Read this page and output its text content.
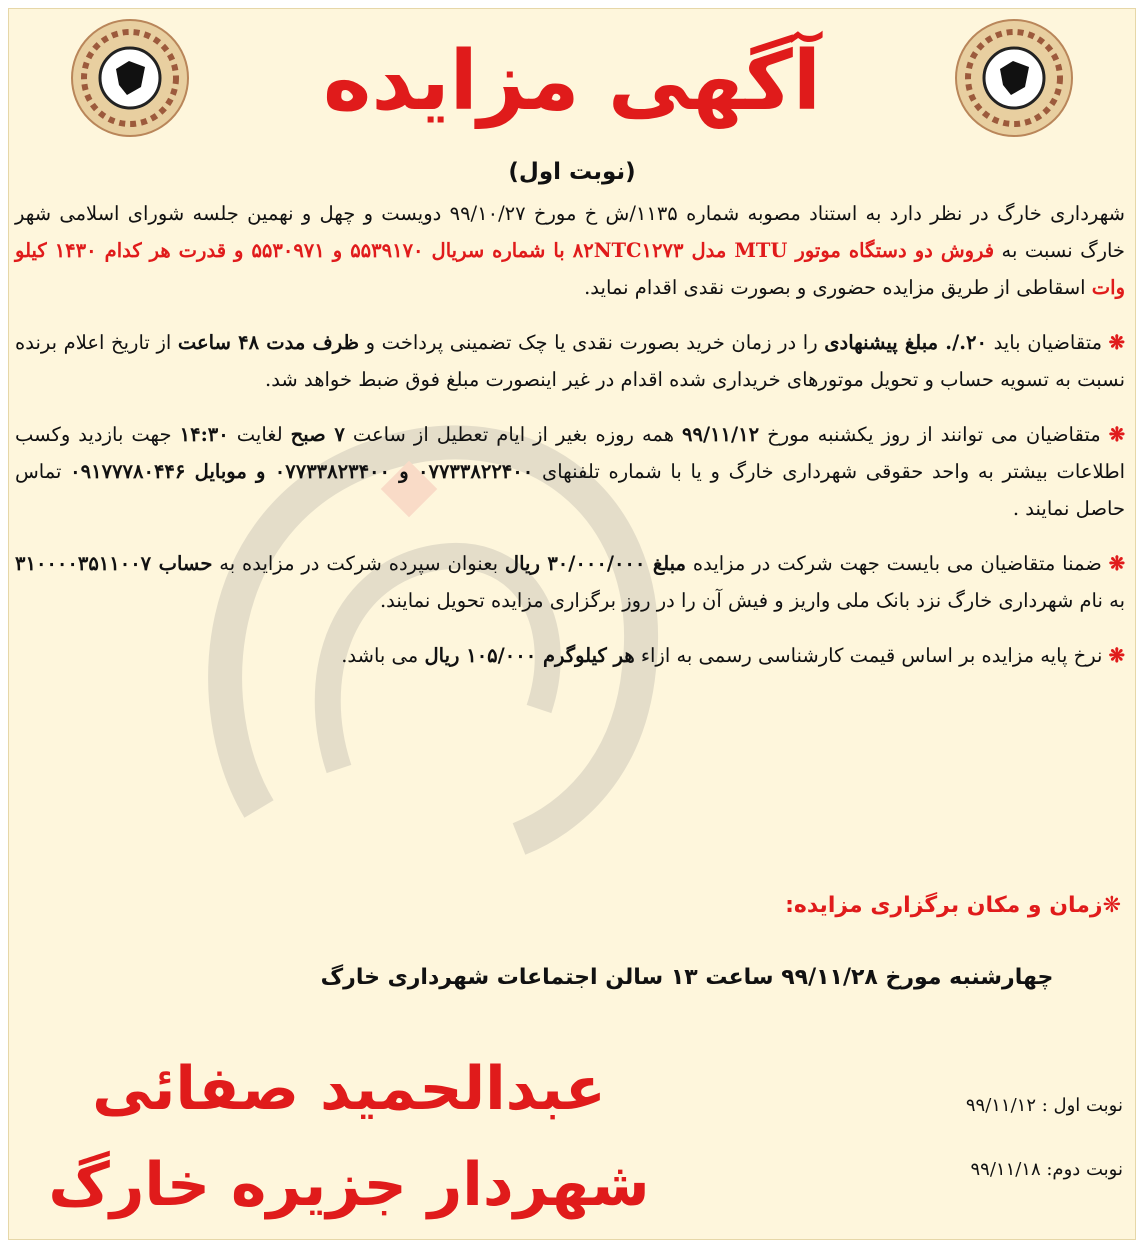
آگهی مزایده
(نوبت اول)

شهرداری خارگ در نظر دارد به استناد مصوبه شماره ۱۱۳۵/ش خ مورخ ۹۹/۱۰/۲۷ دویست و چهل و نهمین جلسه شورای اسلامی شهر خارگ نسبت به فروش دو دستگاه موتور MTU مدل ۸۲NTC۱۲۷۳ با شماره سریال ۵۵۳۹۱۷۰ و ۵۵۳۰۹۷۱ و قدرت هر کدام ۱۴۳۰ کیلو وات اسقاطی از طریق مزایده حضوری و بصورت نقدی اقدام نماید.

❋ متقاضیان باید ۲۰./. مبلغ پیشنهادی را در زمان خرید بصورت نقدی یا چک تضمینی پرداخت و ظرف مدت ۴۸ ساعت از تاریخ اعلام برنده نسبت به تسویه حساب و تحویل موتورهای خریداری شده اقدام در غیر اینصورت مبلغ فوق ضبط خواهد شد.

❋ متقاضیان می توانند از روز یکشنبه مورخ ۹۹/۱۱/۱۲ همه روزه بغیر از ایام تعطیل از ساعت ۷ صبح لغایت ۱۴:۳۰ جهت بازدید وکسب اطلاعات بیشتر به واحد حقوقی شهرداری خارگ و یا با شماره تلفنهای ۰۷۷۳۳۸۲۲۴۰۰ و ۰۷۷۳۳۸۲۳۴۰۰ و موبایل ۰۹۱۷۷۷۸۰۴۴۶ تماس حاصل نمایند .

❋ ضمنا متقاضیان می بایست جهت شرکت در مزایده مبلغ ۳۰/۰۰۰/۰۰۰ ریال بعنوان سپرده شرکت در مزایده به حساب ۳۱۰۰۰۰۳۵۱۱۰۰۷ به نام شهرداری خارگ نزد بانک ملی واریز و فیش آن را در روز برگزاری مزایده تحویل نمایند.

❋ نرخ پایه مزایده بر اساس قیمت کارشناسی رسمی به ازاء هر کیلوگرم ۱۰۵/۰۰۰ ریال می باشد.

❋زمان و مکان برگزاری مزایده:
چهارشنبه مورخ ۹۹/۱۱/۲۸ ساعت ۱۳ سالن اجتماعات شهرداری خارگ
عبدالحمید صفائی
شهردار جزیره خارگ
نوبت اول : ۹۹/۱۱/۱۲
نوبت دوم: ۹۹/۱۱/۱۸
